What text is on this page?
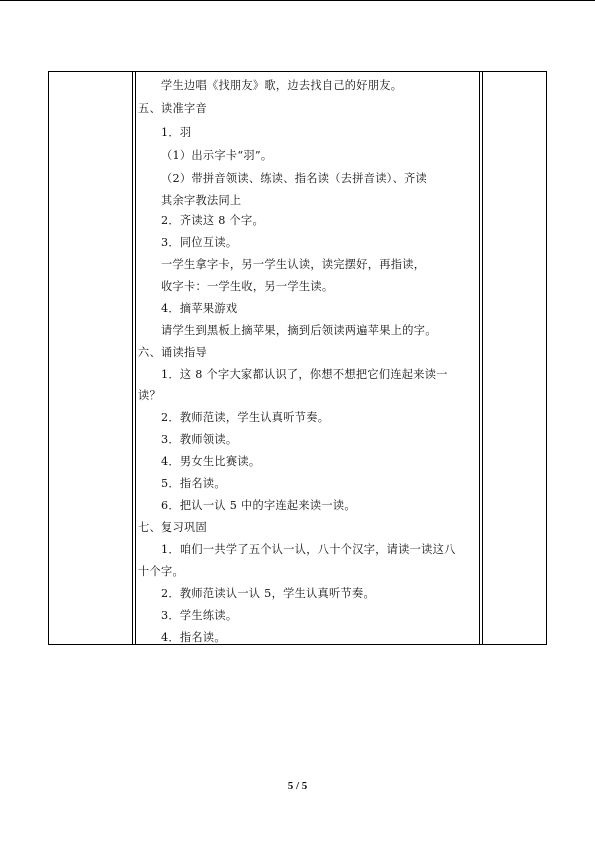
学生边唱《找朋友》歌，边去找自己的好朋友。
五、读准字音
1．羽
（1）出示字卡“羽”。
（2）带拼音领读、练读、指名读（去拼音读）、齐读
其余字教法同上
2．齐读这 8 个字。
3．同位互读。
一学生拿字卡，另一学生认读，读完摆好，再指读，
收字卡：一学生收，另一学生读。
4．摘苹果游戏
请学生到黑板上摘苹果，摘到后领读两遍苹果上的字。
六、诵读指导
1．这 8 个字大家都认识了，你想不想把它们连起来读一
读？
2．教师范读，学生认真听节奏。
3．教师领读。
4．男女生比赛读。
5．指名读。
6．把认一认 5 中的字连起来读一读。
七、复习巩固
1．咱们一共学了五个认一认，八十个汉字，请读一读这八
十个字。
2．教师范读认一认 5，学生认真听节奏。
3．学生练读。
4．指名读。
5 / 5
